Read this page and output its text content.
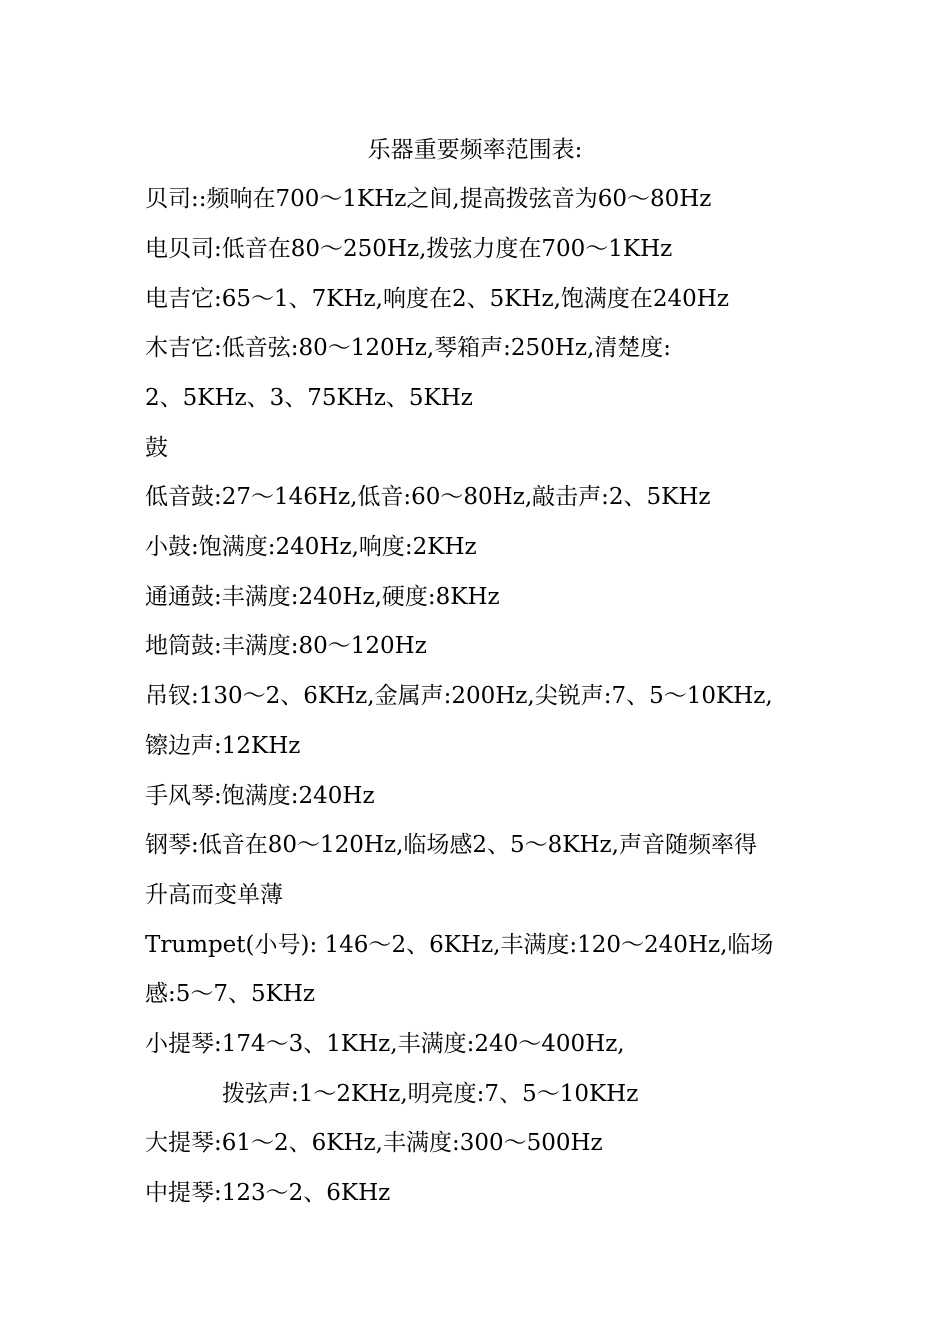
乐器重要频率范围表:
贝司::频响在700～1KHz之间,提高拨弦音为60～80Hz
电贝司:低音在80～250Hz,拨弦力度在700～1KHz
电吉它:65～1、7KHz,响度在2、5KHz,饱满度在240Hz
木吉它:低音弦:80～120Hz,琴箱声:250Hz,清楚度:
2、5KHz、3、75KHz、5KHz
鼓
低音鼓:27～146Hz,低音:60～80Hz,敲击声:2、5KHz
小鼓:饱满度:240Hz,响度:2KHz
通通鼓:丰满度:240Hz,硬度:8KHz
地筒鼓:丰满度:80～120Hz
吊钗:130～2、6KHz,金属声:200Hz,尖锐声:7、5～10KHz,
镲边声:12KHz
手风琴:饱满度:240Hz
钢琴:低音在80～120Hz,临场感2、5～8KHz,声音随频率得
升高而变单薄
Trumpet(小号): 146～2、6KHz,丰满度:120～240Hz,临场
感:5～7、5KHz
小提琴:174～3、1KHz,丰满度:240～400Hz,
拨弦声:1～2KHz,明亮度:7、5～10KHz
大提琴:61～2、6KHz,丰满度:300～500Hz
中提琴:123～2、6KHz
